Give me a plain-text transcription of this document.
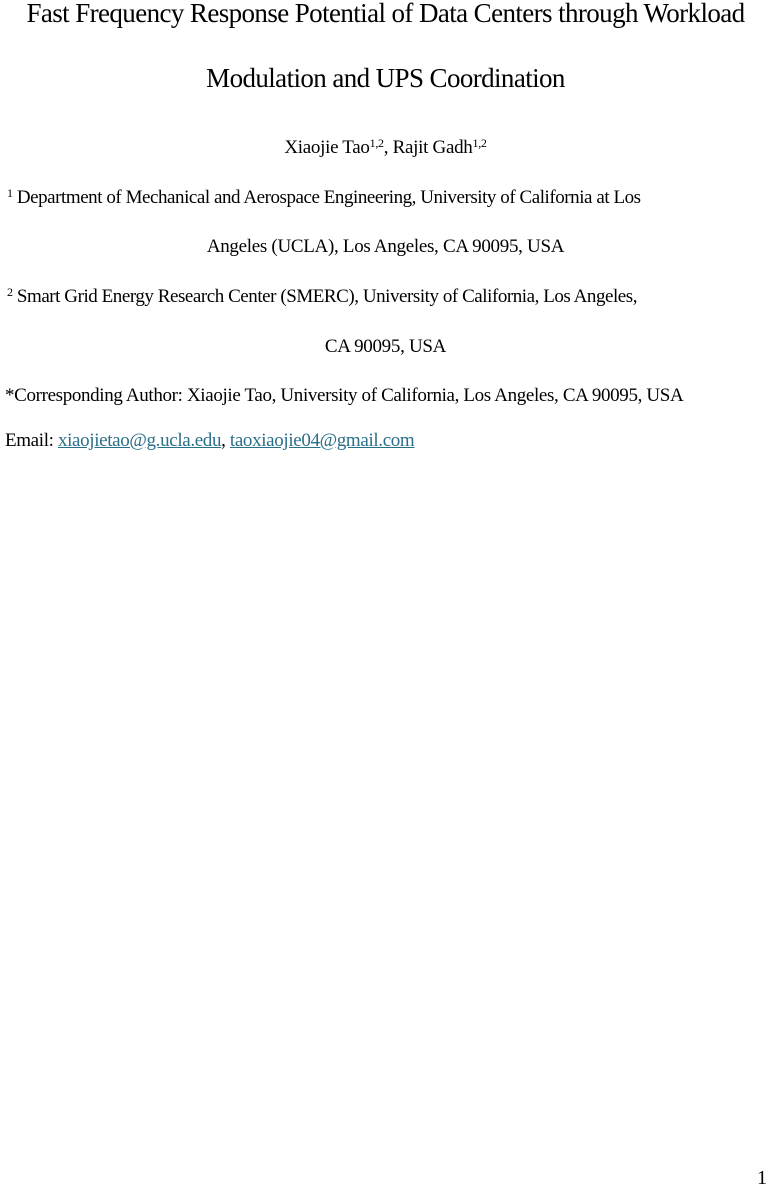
Fast Frequency Response Potential of Data Centers through Workload
Modulation and UPS Coordination
Xiaojie Tao$^{1,2}$, Rajit Gadh$^{1,2}$
$^1$ Department of Mechanical and Aerospace Engineering, University of California at Los
Angeles (UCLA), Los Angeles, CA 90095, USA
$^2$ Smart Grid Energy Research Center (SMERC), University of California, Los Angeles,
CA 90095, USA
*Corresponding Author: Xiaojie Tao, University of California, Los Angeles, CA 90095, USA
Email: xiaojietao@g.ucla.edu, taoxiaojie04@gmail.com
1
